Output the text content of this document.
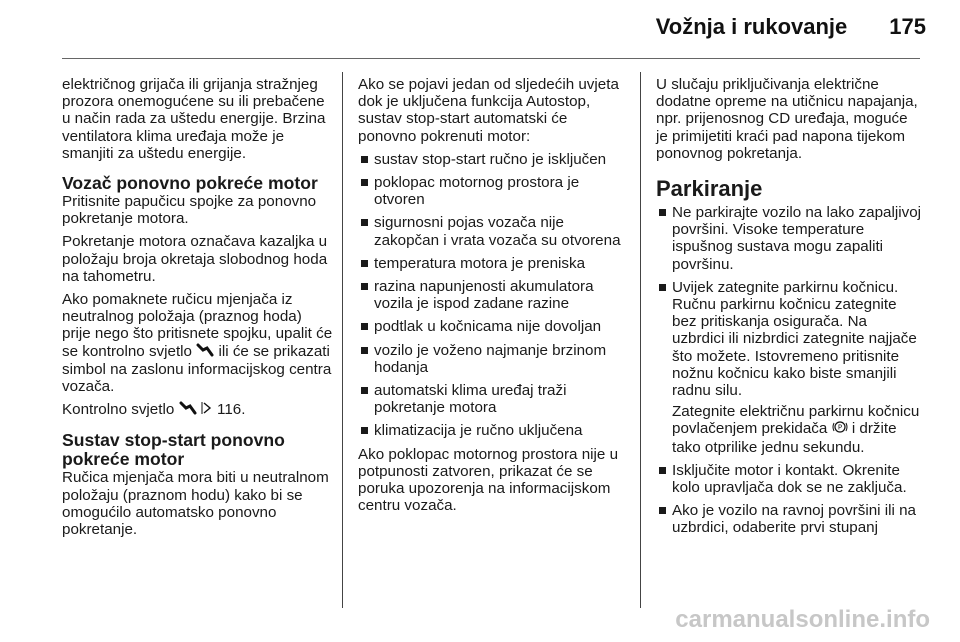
Vožnja i rukovanje 175

električnog grijača ili grijanja stražnjeg prozora onemogućene su ili prebačene u način rada za uštedu energije. Brzina ventilatora klima uređaja može je smanjiti za uštedu energije.

Vozač ponovno pokreće motor

Pritisnite papučicu spojke za ponovno pokretanje motora.

Pokretanje motora označava kazaljka u položaju broja okretaja slobodnog hoda na tahometru.

Ako pomaknete ručicu mjenjača iz neutralnog položaja (praznog hoda) prije nego što pritisnete spojku, upalit će se kontrolno svjetlo ili će se prikazati simbol na zaslonu informacijskog centra vozača.

Kontrolno svjetlo	116.

Sustav stop-start ponovno pokreće motor

Ručica mjenjača mora biti u neutralnom položaju (praznom hodu) kako bi se omogućilo automatsko ponovno pokretanje.

Ako se pojavi jedan od sljedećih uvjeta dok je uključena funkcija Autostop, sustav stop-start automatski će ponovno pokrenuti motor:

sustav stop-start ručno je isključen
poklopac motornog prostora je otvoren
sigurnosni pojas vozača nije zakopčan i vrata vozača su otvorena
temperatura motora je preniska
razina napunjenosti akumulatora vozila je ispod zadane razine
podtlak u kočnicama nije dovoljan
vozilo je voženo najmanje brzinom hodanja
automatski klima uređaj traži pokretanje motora
klimatizacija je ručno uključena

Ako poklopac motornog prostora nije u potpunosti zatvoren, prikazat će se poruka upozorenja na informacijskom centru vozača.

U slučaju priključivanja električne dodatne opreme na utičnicu napajanja, npr. prijenosnog CD uređaja, moguće je primijetiti kraći pad napona tijekom ponovnog pokretanja.

Parkiranje
Ne parkirajte vozilo na lako zapaljivoj površini. Visoke temperature ispušnog sustava mogu zapaliti površinu.
Uvijek zategnite parkirnu kočnicu. Ručnu parkirnu kočnicu zategnite bez pritiskanja osigurača. Na uzbrdici ili nizbrdici zategnite najjače što možete. Istovremeno pritisnite nožnu kočnicu kako biste smanjili radnu silu.
Zategnite električnu parkirnu kočnicu povlačenjem prekidača P i držite tako otprilike jednu sekundu.
Isključite motor i kontakt. Okrenite kolo upravljača dok se ne zaključa.
Ako je vozilo na ravnoj površini ili na uzbrdici, odaberite prvi stupanj
carmanualsonline.info
